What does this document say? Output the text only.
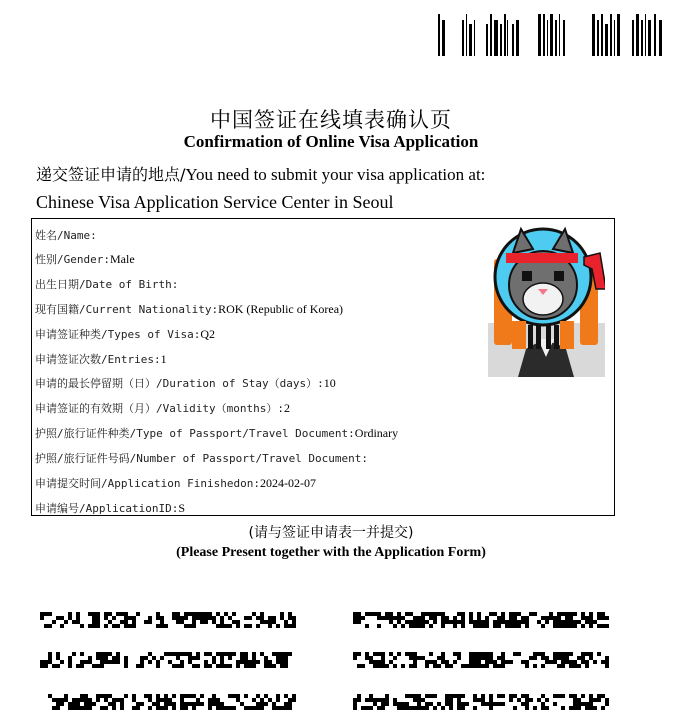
中国签证在线填表确认页
Confirmation of Online Visa Application
递交签证申请的地点/You need to submit your visa application at:
Chinese Visa Application Service Center in Seoul
姓名/Name:
性别/Gender:Male
出生日期/Date of Birth:
现有国籍/Current Nationality:ROK (Republic of Korea)
申请签证种类/Types of Visa:Q2
申请签证次数/Entries:1
申请的最长停留期（日）/Duration of Stay（days）:10
申请签证的有效期（月）/Validity（months）:2
护照/旅行证件种类/Type of Passport/Travel Document:Ordinary
护照/旅行证件号码/Number of Passport/Travel Document:
申请提交时间/Application Finishedon:2024-02-07
申请编号/ApplicationID:S
(请与签证申请表一并提交)
(Please Present together with the Application Form)
